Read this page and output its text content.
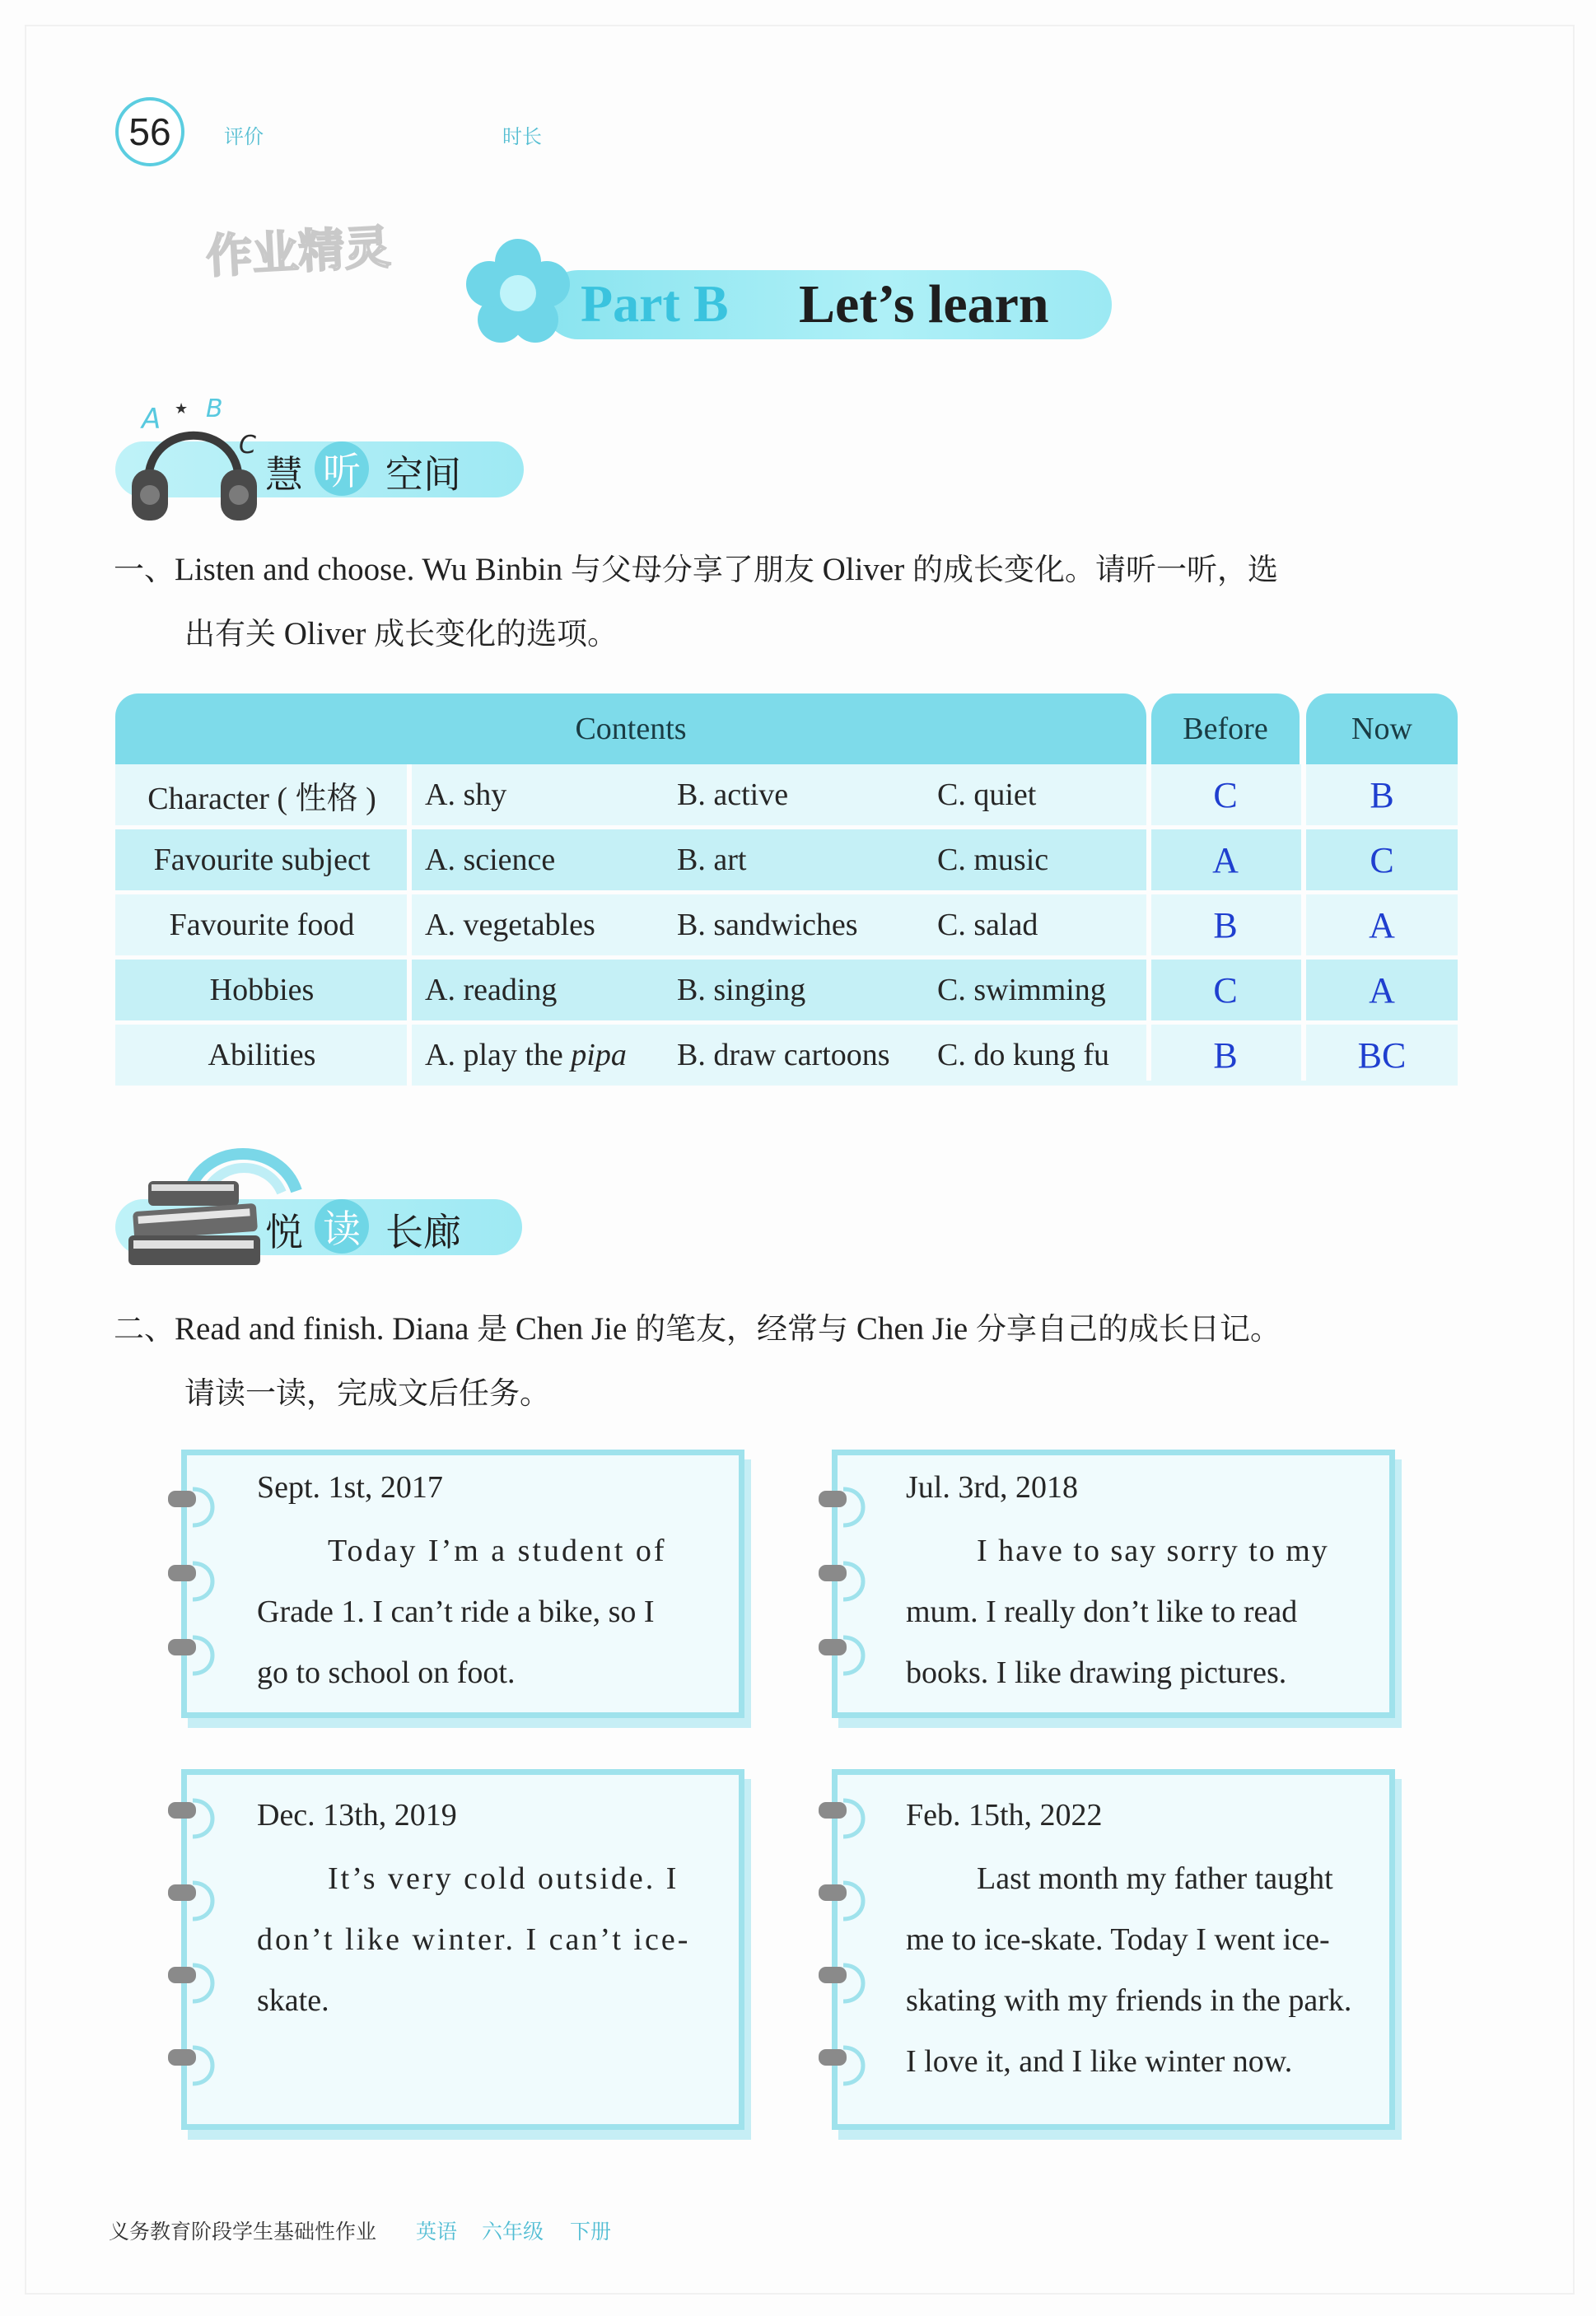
56	评价	时长
作业精灵
Part B Let’s learn
A ★ B
C
慧 听 空间
一、Listen and choose. Wu Binbin 与父母分享了朋友 Oliver 的成长变化。请听一听，选
出有关 Oliver 成长变化的选项。
Contents	Before	Now
Character ( 性格 )	A. shy	B. active	C. quiet	C	B
Favourite subject	A. science	B. art	C. music	A	C
Favourite food	A. vegetables	B. sandwiches	C. salad	B	A
Hobbies	A. reading	B. singing	C. swimming	C	A
Abilities	A. play the pipa B. draw cartoons C. do kung fu	B	BC
悦 读 长廊
二、Read and finish. Diana 是 Chen Jie 的笔友，经常与 Chen Jie 分享自己的成长日记。
请读一读，完成文后任务。
Sept. 1st, 2017
Today I’m a student of
Grade 1. I can’t ride a bike, so I
go to school on foot.
Jul. 3rd, 2018
I have to say sorry to my
mum. I really don’t like to read
books. I like drawing pictures.
Dec. 13th, 2019
It’s very cold outside. I
don’t like winter. I can’t ice-
skate.
Feb. 15th, 2022
Last month my father taught
me to ice-skate. Today I went ice-
skating with my friends in the park.
I love it, and I like winter now.
义务教育阶段学生基础性作业 英语 六年级 下册
